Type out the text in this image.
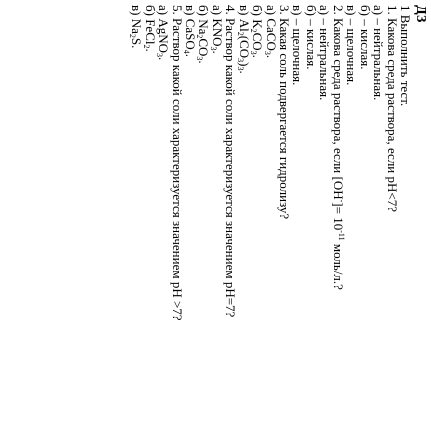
ДЗ
1 Выполнить тест.
1. Какова среда раствора, если pH<7?
а) – нейтральная.
б) – кислая.
в) – щелочная.
2. Какова среда раствора, если $[OH^-]= 10^{-11}$ моль/л.?
а) – нейтральная.
б) – кислая.
в) – щелочная.
3. Какая соль подвергается гидролизу?
а) CaCO$_3$.
б) $K_2CO_3$.
в) $Al_2(CO_3)_3$.
4. Раствор какой соли характеризуется значением pH=7?
а) $KNO_3$.
б) $Na_2CO_3$.
в) CaSO$_4$.
5. Раствор какой соли характеризуется значением pH >7?
а) AgNO$_3$.
б) FeCl$_2$.
в) $Na_2S$.
